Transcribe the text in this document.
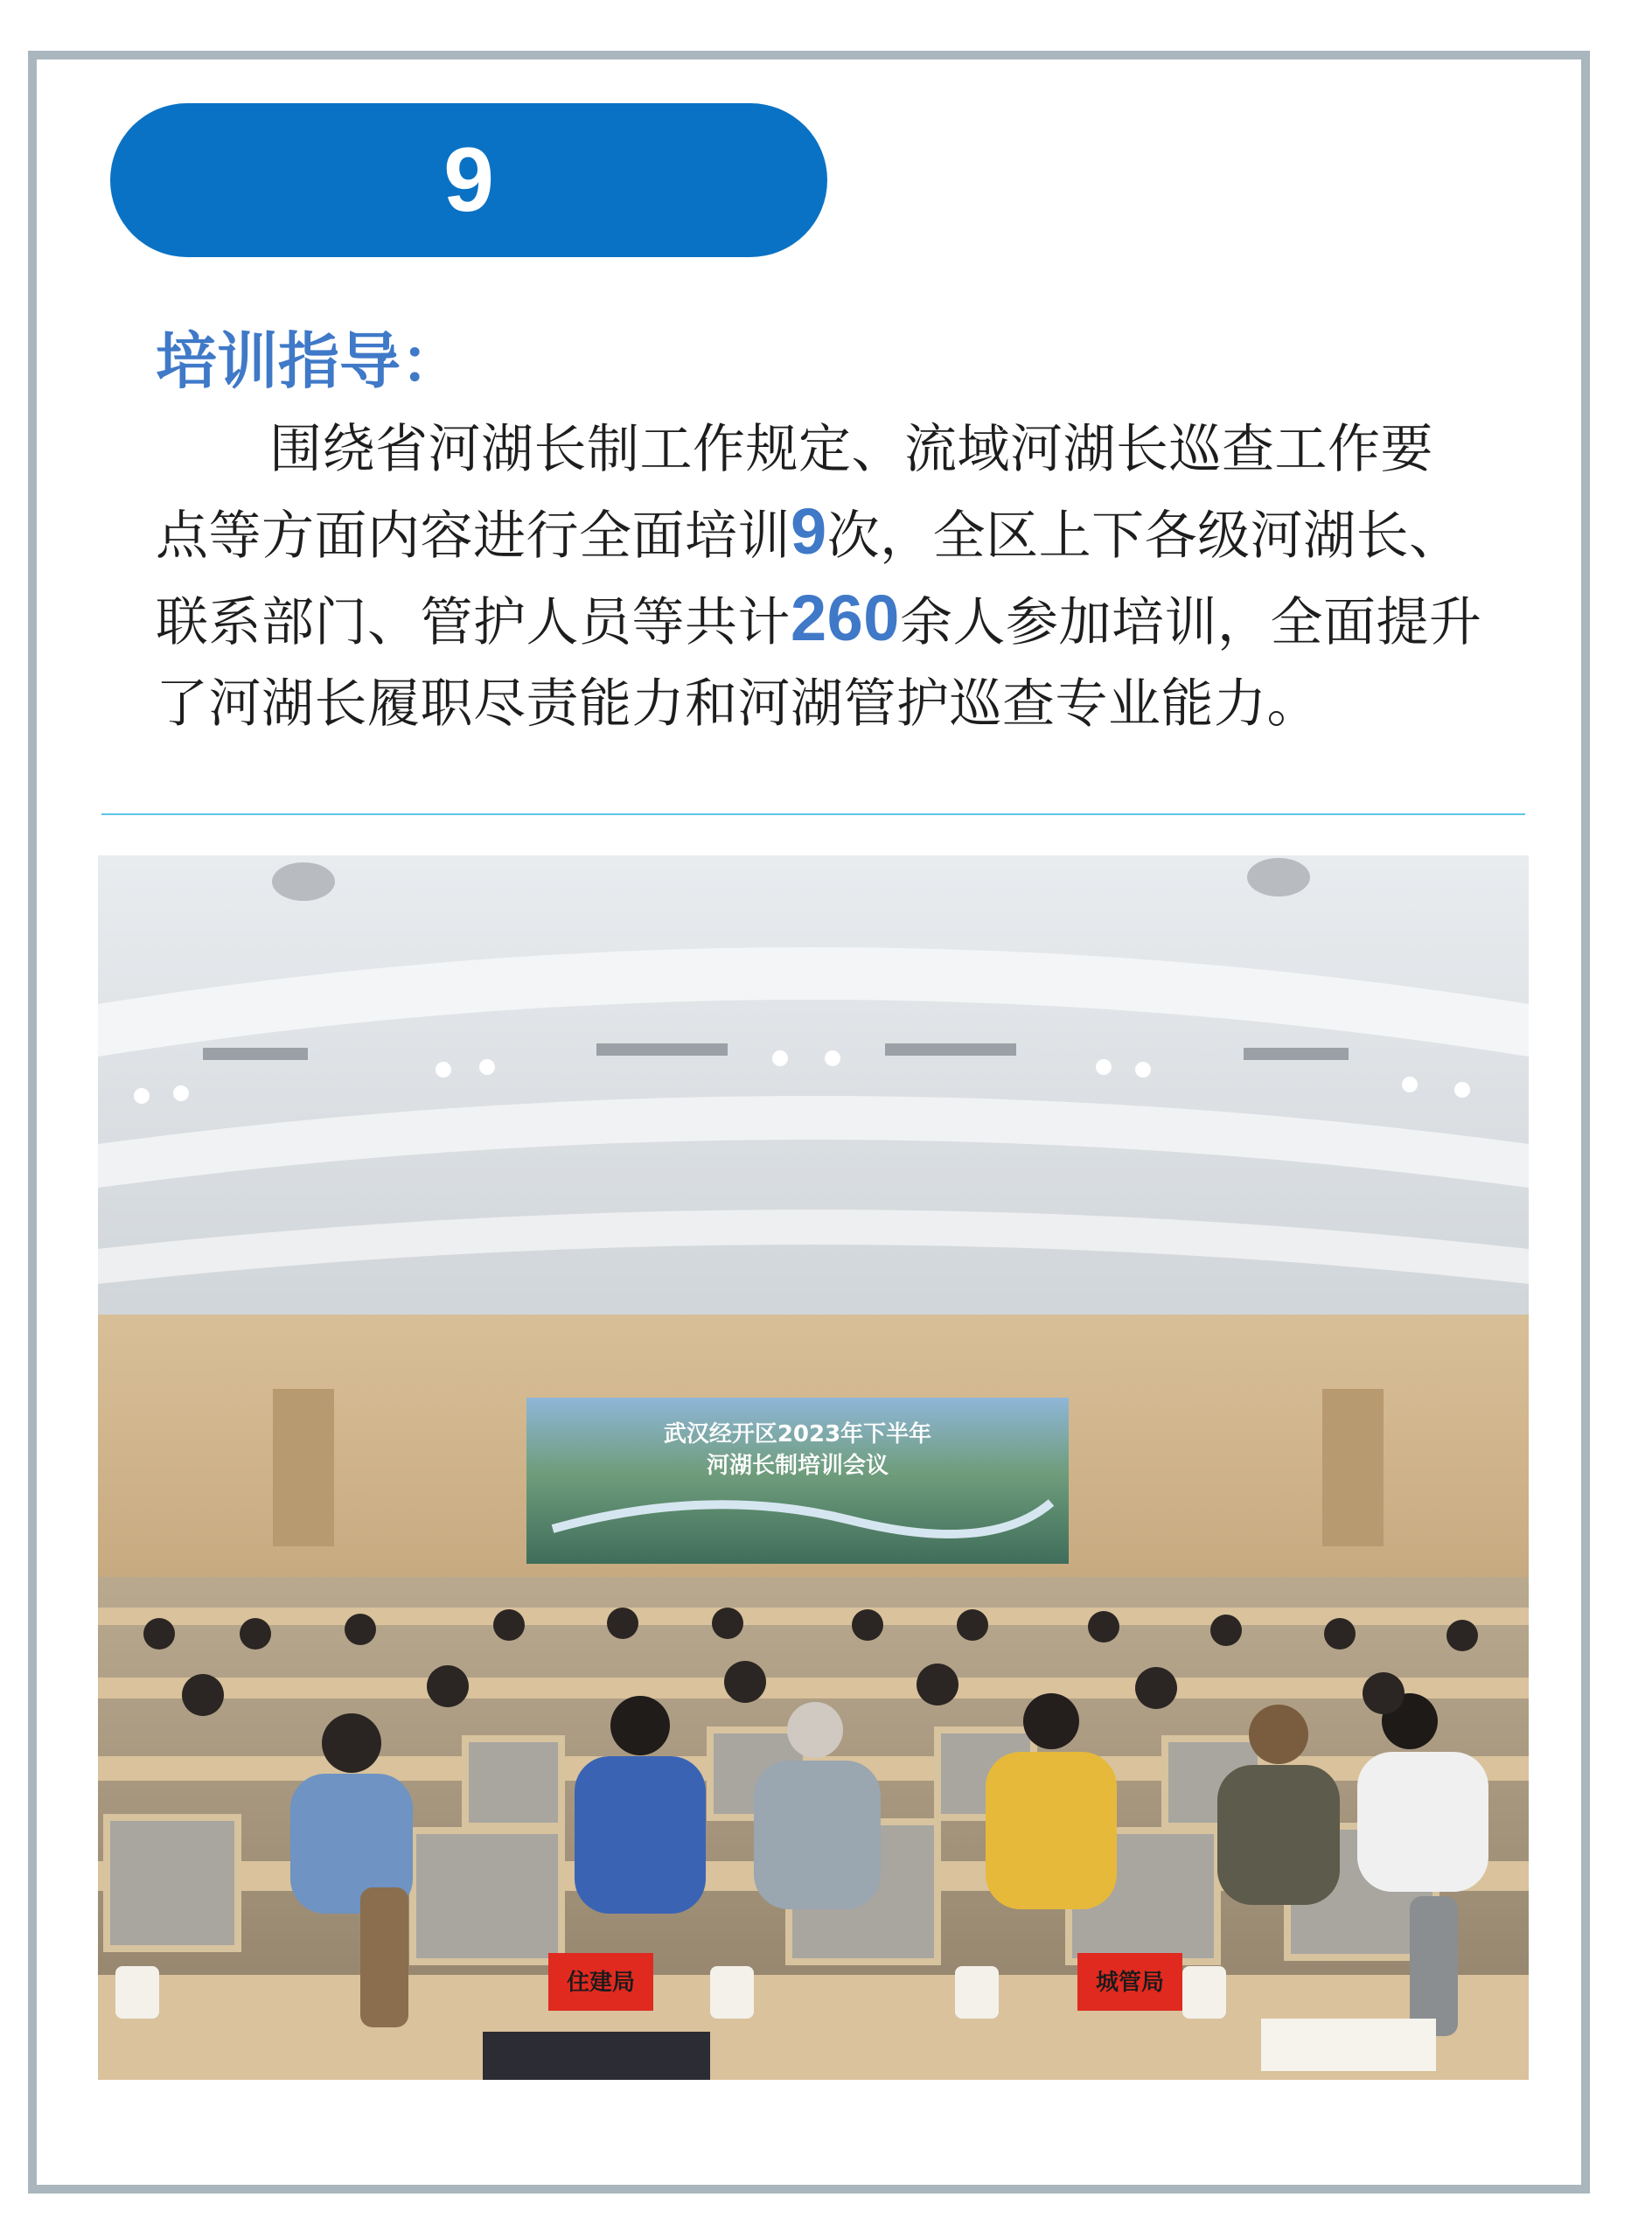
9
培训指导：
围绕省河湖长制工作规定、流域河湖长巡查工作要点等方面内容进行全面培训9次，全区上下各级河湖长、联系部门、管护人员等共计260余人参加培训，全面提升了河湖长履职尽责能力和河湖管护巡查专业能力。
武汉经开区2023年下半年
河湖长制培训会议
住建局	城管局
